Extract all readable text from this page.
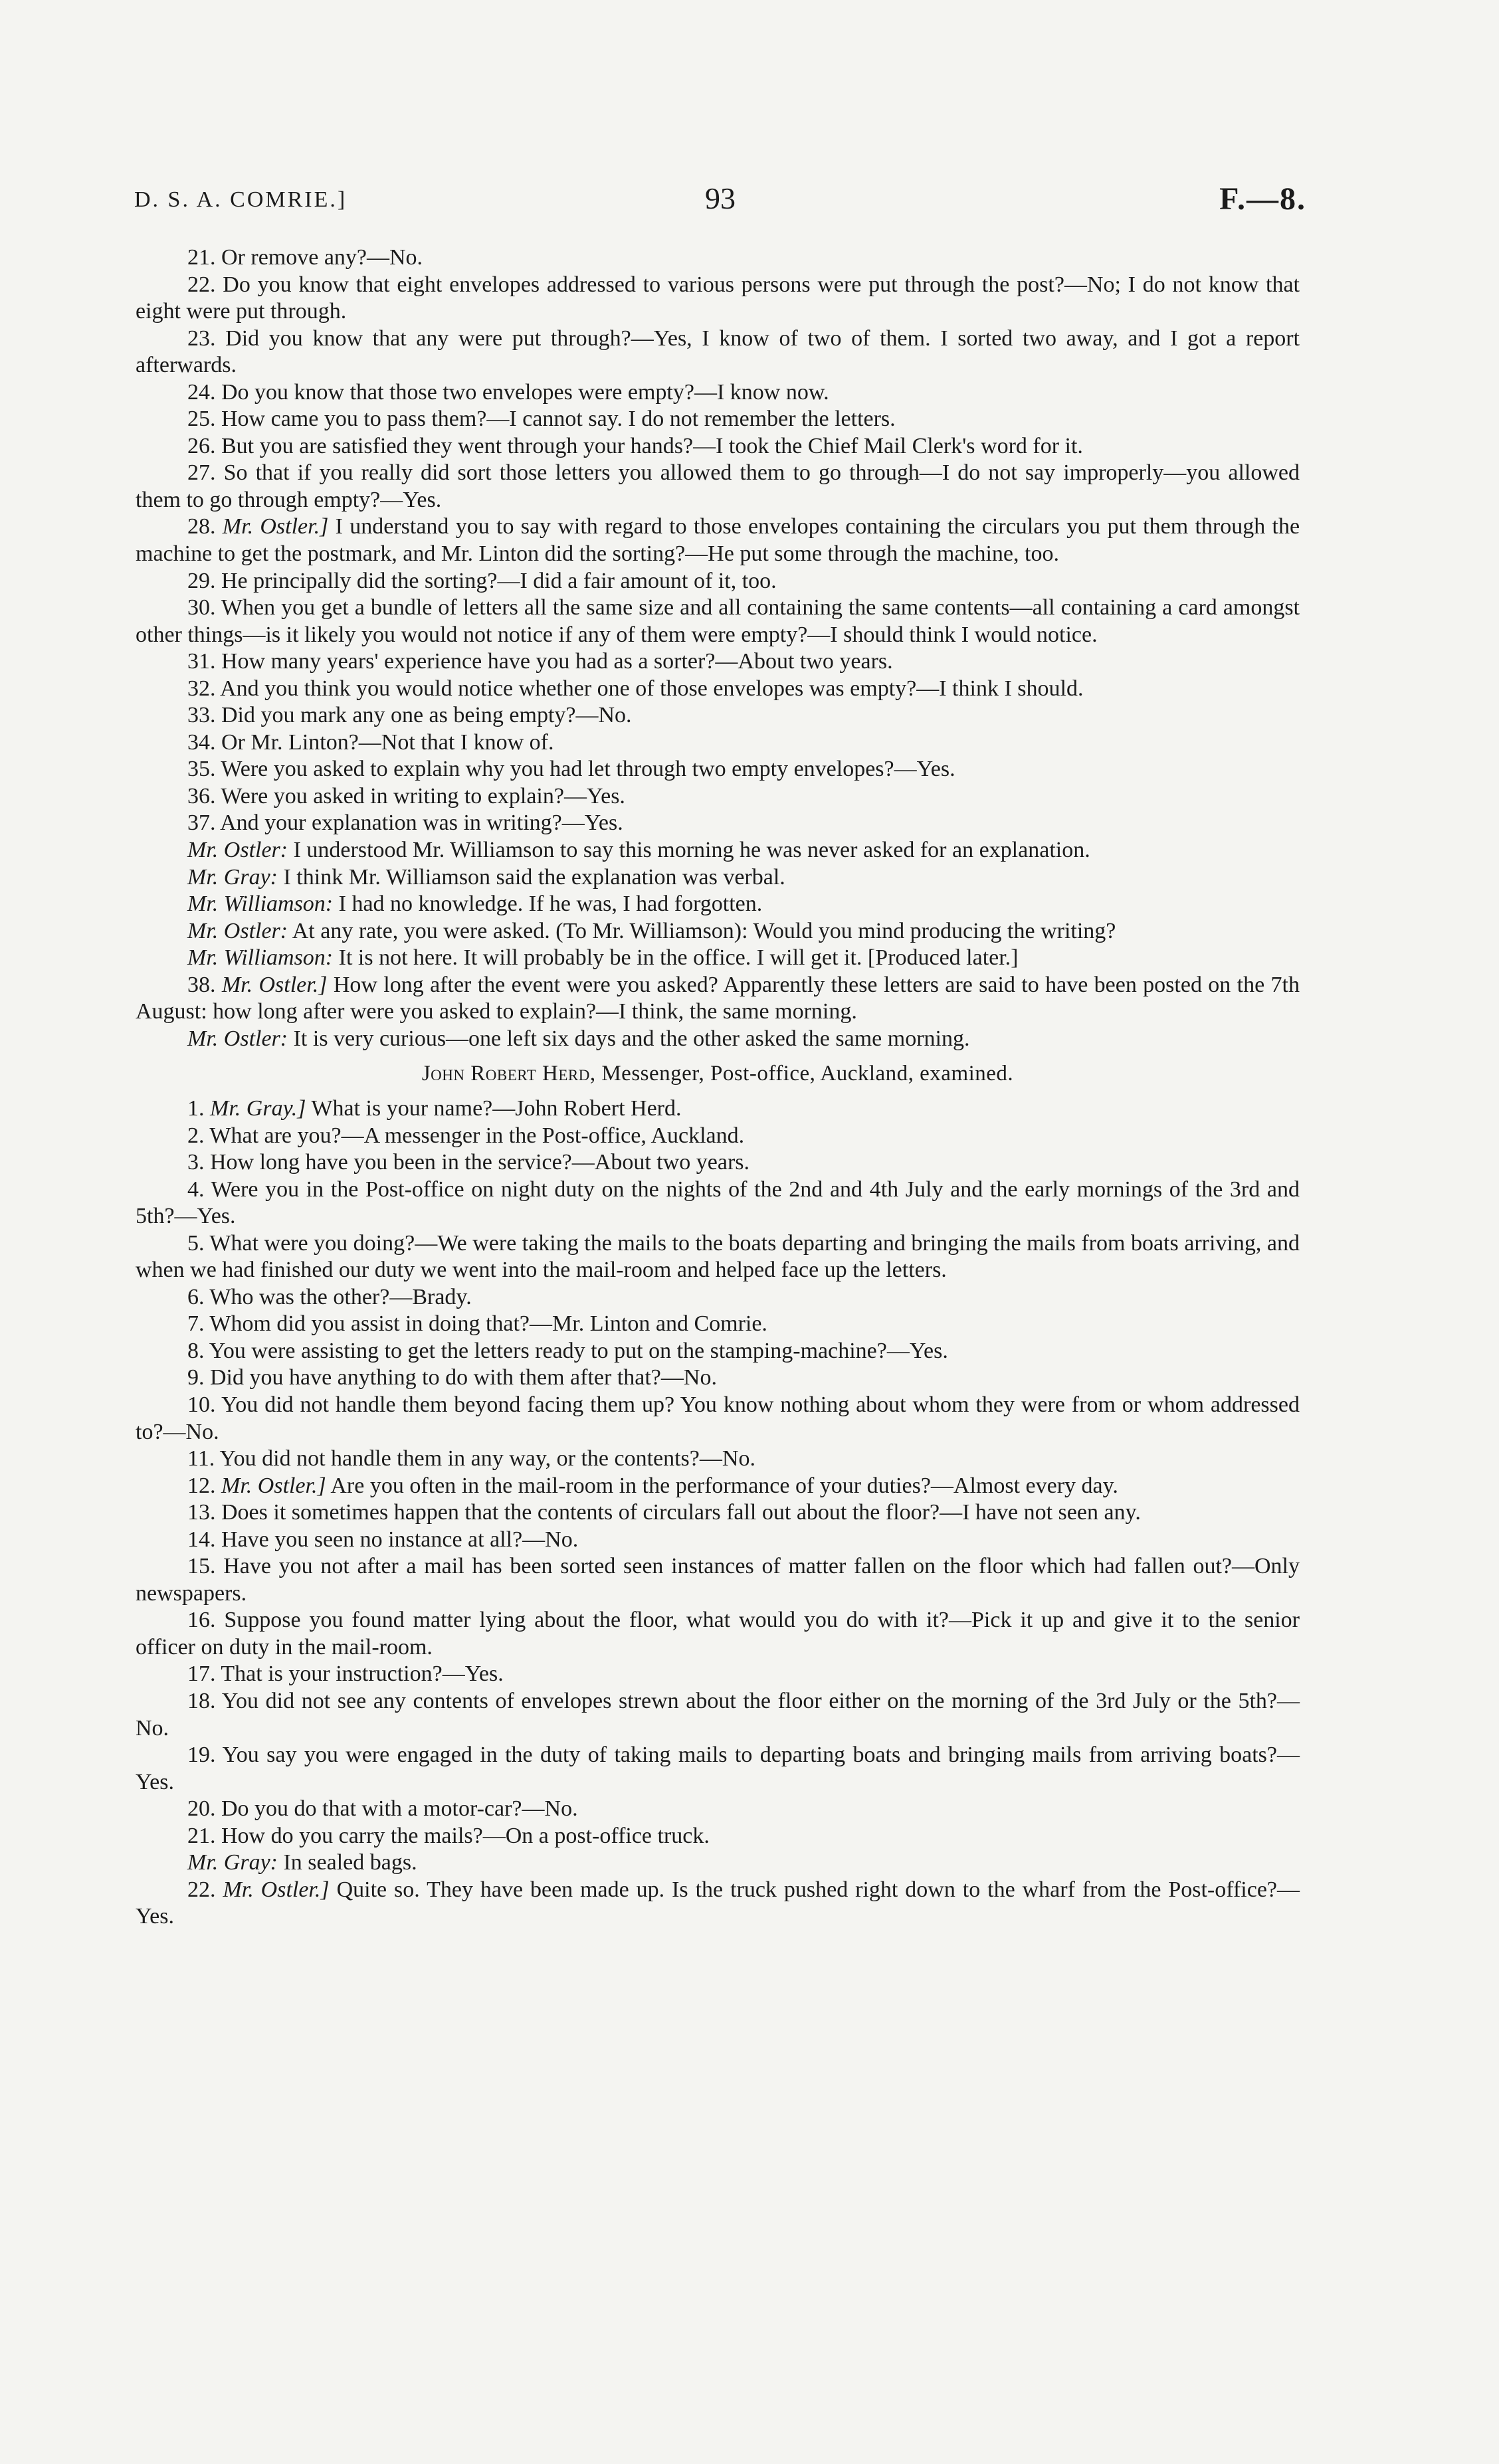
D. S. A. COMRIE.]	93	F.—8.

21. Or remove any?—No.

22. Do you know that eight envelopes addressed to various persons were put through the post?—No; I do not know that eight were put through.

23. Did you know that any were put through?—Yes, I know of two of them. I sorted two away, and I got a report afterwards.

24. Do you know that those two envelopes were empty?—I know now.

25. How came you to pass them?—I cannot say. I do not remember the letters.

26. But you are satisfied they went through your hands?—I took the Chief Mail Clerk's word for it.

27. So that if you really did sort those letters you allowed them to go through—I do not say improperly—you allowed them to go through empty?—Yes.

28. Mr. Ostler.] I understand you to say with regard to those envelopes containing the circulars you put them through the machine to get the postmark, and Mr. Linton did the sorting?—He put some through the machine, too.

29. He principally did the sorting?—I did a fair amount of it, too.

30. When you get a bundle of letters all the same size and all containing the same contents—all containing a card amongst other things—is it likely you would not notice if any of them were empty?—I should think I would notice.

31. How many years' experience have you had as a sorter?—About two years.

32. And you think you would notice whether one of those envelopes was empty?—I think I should.

33. Did you mark any one as being empty?—No.

34. Or Mr. Linton?—Not that I know of.

35. Were you asked to explain why you had let through two empty envelopes?—Yes.

36. Were you asked in writing to explain?—Yes.

37. And your explanation was in writing?—Yes.

Mr. Ostler: I understood Mr. Williamson to say this morning he was never asked for an explanation.

Mr. Gray: I think Mr. Williamson said the explanation was verbal.

Mr. Williamson: I had no knowledge. If he was, I had forgotten.

Mr. Ostler: At any rate, you were asked. (To Mr. Williamson): Would you mind producing the writing?

Mr. Williamson: It is not here. It will probably be in the office. I will get it. [Produced later.]

38. Mr. Ostler.] How long after the event were you asked? Apparently these letters are said to have been posted on the 7th August: how long after were you asked to explain?—I think, the same morning.

Mr. Ostler: It is very curious—one left six days and the other asked the same morning.

John Robert Herd, Messenger, Post-office, Auckland, examined.

1. Mr. Gray.] What is your name?—John Robert Herd.

2. What are you?—A messenger in the Post-office, Auckland.

3. How long have you been in the service?—About two years.

4. Were you in the Post-office on night duty on the nights of the 2nd and 4th July and the early mornings of the 3rd and 5th?—Yes.

5. What were you doing?—We were taking the mails to the boats departing and bringing the mails from boats arriving, and when we had finished our duty we went into the mail-room and helped face up the letters.

6. Who was the other?—Brady.

7. Whom did you assist in doing that?—Mr. Linton and Comrie.

8. You were assisting to get the letters ready to put on the stamping-machine?—Yes.

9. Did you have anything to do with them after that?—No.

10. You did not handle them beyond facing them up? You know nothing about whom they were from or whom addressed to?—No.

11. You did not handle them in any way, or the contents?—No.

12. Mr. Ostler.] Are you often in the mail-room in the performance of your duties?—Almost every day.

13. Does it sometimes happen that the contents of circulars fall out about the floor?—I have not seen any.

14. Have you seen no instance at all?—No.

15. Have you not after a mail has been sorted seen instances of matter fallen on the floor which had fallen out?—Only newspapers.

16. Suppose you found matter lying about the floor, what would you do with it?—Pick it up and give it to the senior officer on duty in the mail-room.

17. That is your instruction?—Yes.

18. You did not see any contents of envelopes strewn about the floor either on the morning of the 3rd July or the 5th?—No.

19. You say you were engaged in the duty of taking mails to departing boats and bringing mails from arriving boats?—Yes.

20. Do you do that with a motor-car?—No.

21. How do you carry the mails?—On a post-office truck.

Mr. Gray: In sealed bags.

22. Mr. Ostler.] Quite so. They have been made up. Is the truck pushed right down to the wharf from the Post-office?—Yes.
